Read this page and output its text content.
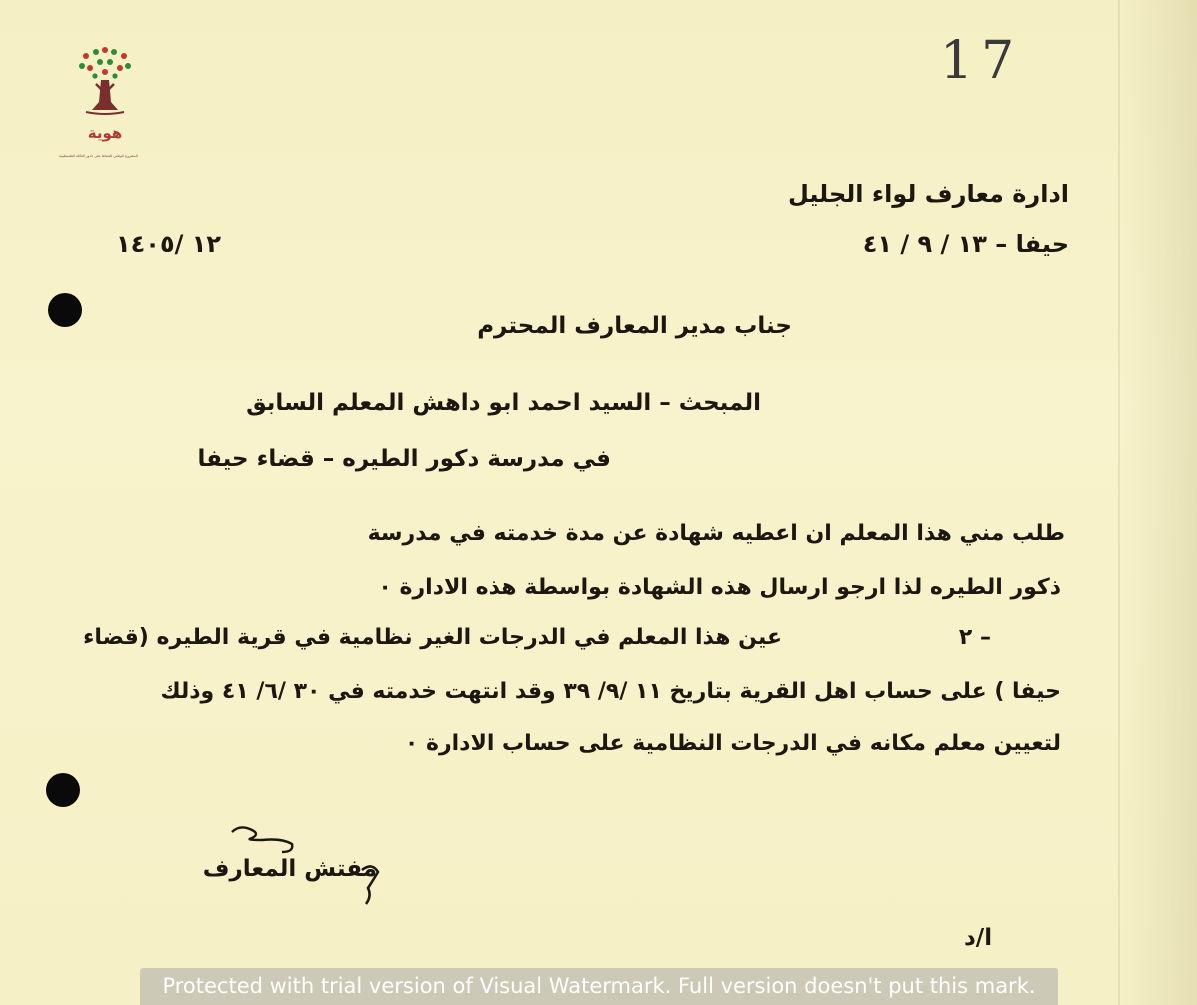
هوية
المشروع الوطني للحفاظ على جذور العائلة الفلسطينية
17
ادارة معارف لواء الجليل
حيفا – ١٣ / ٩ / ٤١
١٢ /١٤٠٥
جناب مدير المعارف المحترم
المبحث – السيد احمد ابو داهش المعلم السابق
في مدرسة دكور الطيره – قضاء حيفا
طلب مني هذا المعلم ان اعطيه شهادة عن مدة خدمته في مدرسة
ذكور الطيره لذا ارجو ارسال هذه الشهادة بواسطة هذه الادارة ٠
٢ –
عين هذا المعلم في الدرجات الغير نظامية في قرية الطيره (قضاء
حيفا ) على حساب اهل القرية بتاريخ ١١ /٩/ ٣٩ وقد انتهت خدمته في ٣٠ /٦/ ٤١ وذلك
لتعيين معلم مكانه في الدرجات النظامية على حساب الادارة ٠
مفتش المعارف
ا/د
Protected with trial version of Visual Watermark. Full version doesn't put this mark.
